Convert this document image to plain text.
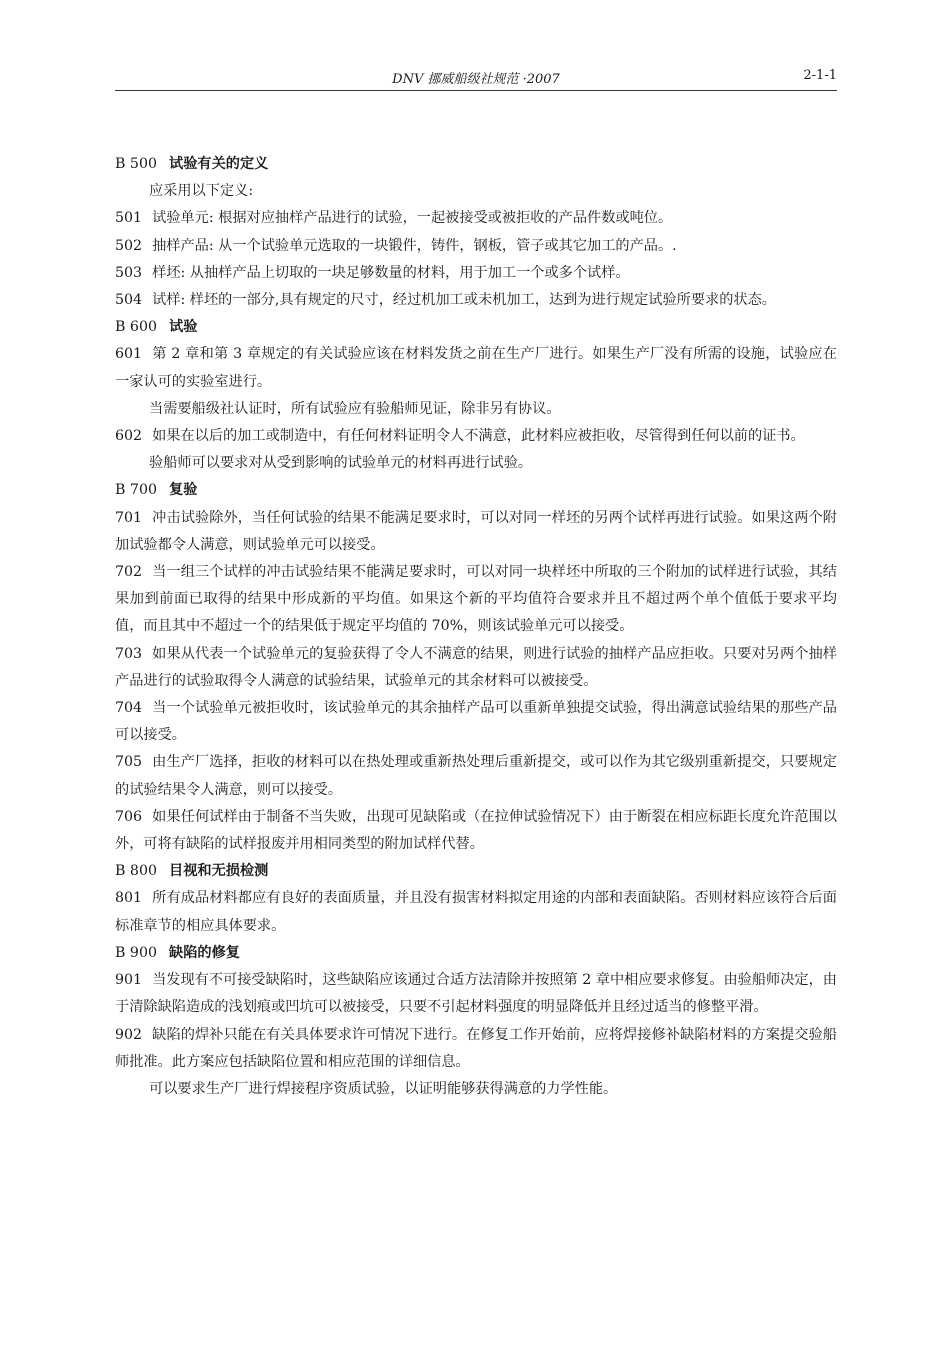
DNV 挪威船级社规范 ·2007	2-1-1

B 500 试验有关的定义

应采用以下定义:

501 试验单元: 根据对应抽样产品进行的试验，一起被接受或被拒收的产品件数或吨位。

502 抽样产品: 从一个试验单元选取的一块锻件，铸件，钢板，管子或其它加工的产品。.

503 样坯: 从抽样产品上切取的一块足够数量的材料，用于加工一个或多个试样。

504 试样: 样坯的一部分,具有规定的尺寸，经过机加工或未机加工，达到为进行规定试验所要求的状态。

B 600 试验

601 第 2 章和第 3 章规定的有关试验应该在材料发货之前在生产厂进行。如果生产厂没有所需的设施，试验应在一家认可的实验室进行。

当需要船级社认证时，所有试验应有验船师见证，除非另有协议。

602 如果在以后的加工或制造中，有任何材料证明令人不满意，此材料应被拒收，尽管得到任何以前的证书。

验船师可以要求对从受到影响的试验单元的材料再进行试验。

B 700 复验

701 冲击试验除外，当任何试验的结果不能满足要求时，可以对同一样坯的另两个试样再进行试验。如果这两个附加试验都令人满意，则试验单元可以接受。

702 当一组三个试样的冲击试验结果不能满足要求时，可以对同一块样坯中所取的三个附加的试样进行试验，其结果加到前面已取得的结果中形成新的平均值。如果这个新的平均值符合要求并且不超过两个单个值低于要求平均值，而且其中不超过一个的结果低于规定平均值的 70%，则该试验单元可以接受。

703 如果从代表一个试验单元的复验获得了令人不满意的结果，则进行试验的抽样产品应拒收。只要对另两个抽样产品进行的试验取得令人满意的试验结果，试验单元的其余材料可以被接受。

704 当一个试验单元被拒收时，该试验单元的其余抽样产品可以重新单独提交试验，得出满意试验结果的那些产品可以接受。

705 由生产厂选择，拒收的材料可以在热处理或重新热处理后重新提交，或可以作为其它级别重新提交，只要规定的试验结果令人满意，则可以接受。

706 如果任何试样由于制备不当失败，出现可见缺陷或（在拉伸试验情况下）由于断裂在相应标距长度允许范围以外，可将有缺陷的试样报废并用相同类型的附加试样代替。

B 800 目视和无损检测

801 所有成品材料都应有良好的表面质量，并且没有损害材料拟定用途的内部和表面缺陷。否则材料应该符合后面标准章节的相应具体要求。

B 900 缺陷的修复

901 当发现有不可接受缺陷时，这些缺陷应该通过合适方法清除并按照第 2 章中相应要求修复。由验船师决定，由于清除缺陷造成的浅划痕或凹坑可以被接受，只要不引起材料强度的明显降低并且经过适当的修整平滑。

902 缺陷的焊补只能在有关具体要求许可情况下进行。在修复工作开始前，应将焊接修补缺陷材料的方案提交验船师批准。此方案应包括缺陷位置和相应范围的详细信息。

可以要求生产厂进行焊接程序资质试验，以证明能够获得满意的力学性能。
